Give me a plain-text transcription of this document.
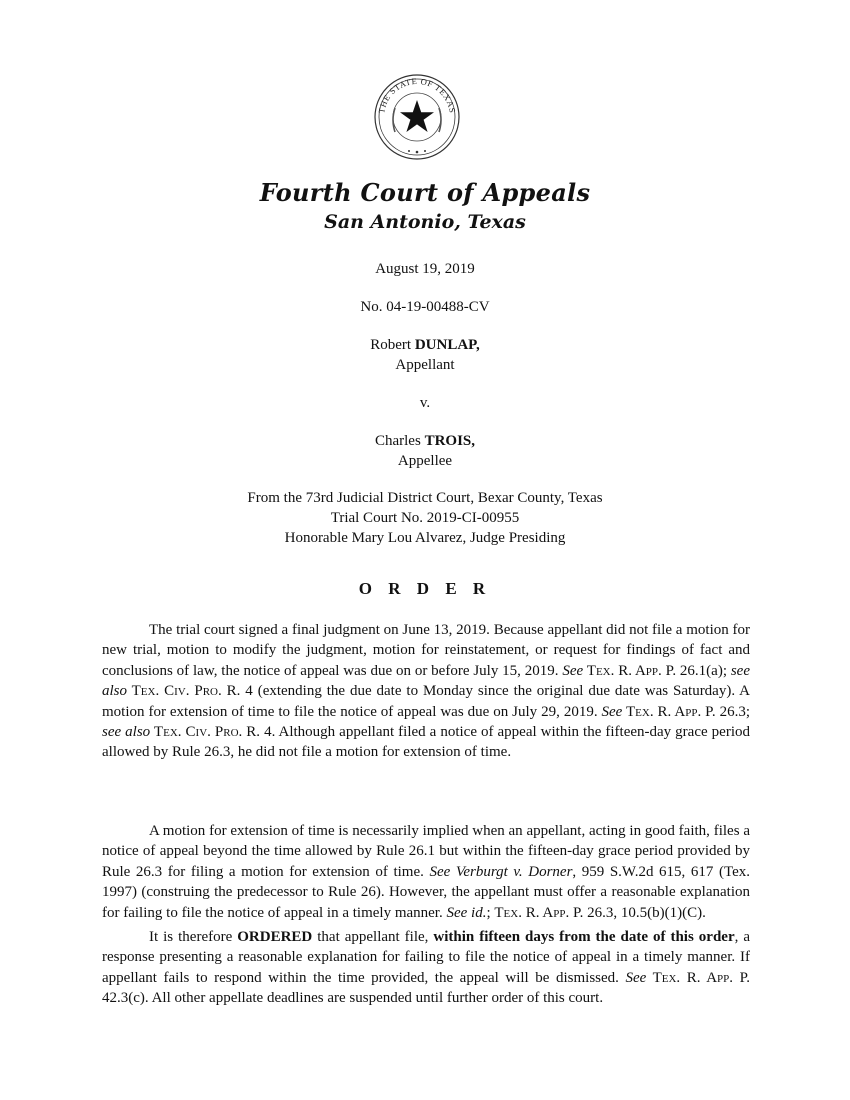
THE STATE OF TEXAS
Fourth Court of Appeals
San Antonio, Texas
August 19, 2019
No. 04-19-00488-CV
Robert DUNLAP,
Appellant
v.
Charles TROIS,
Appellee
From the 73rd Judicial District Court, Bexar County, Texas
Trial Court No. 2019-CI-00955
Honorable Mary Lou Alvarez, Judge Presiding
O R D E R

The trial court signed a final judgment on June 13, 2019. Because appellant did not file a motion for new trial, motion to modify the judgment, motion for reinstatement, or request for findings of fact and conclusions of law, the notice of appeal was due on or before July 15, 2019. See Tex. R. App. P. 26.1(a); see also Tex. Civ. Pro. R. 4 (extending the due date to Monday since the original due date was Saturday). A motion for extension of time to file the notice of appeal was due on July 29, 2019. See Tex. R. App. P. 26.3; see also Tex. Civ. Pro. R. 4. Although appellant filed a notice of appeal within the fifteen-day grace period allowed by Rule 26.3, he did not file a motion for extension of time.

A motion for extension of time is necessarily implied when an appellant, acting in good faith, files a notice of appeal beyond the time allowed by Rule 26.1 but within the fifteen-day grace period provided by Rule 26.3 for filing a motion for extension of time. See Verburgt v. Dorner, 959 S.W.2d 615, 617 (Tex. 1997) (construing the predecessor to Rule 26). However, the appellant must offer a reasonable explanation for failing to file the notice of appeal in a timely manner. See id.; Tex. R. App. P. 26.3, 10.5(b)(1)(C).

It is therefore ORDERED that appellant file, within fifteen days from the date of this order, a response presenting a reasonable explanation for failing to file the notice of appeal in a timely manner. If appellant fails to respond within the time provided, the appeal will be dismissed. See Tex. R. App. P. 42.3(c). All other appellate deadlines are suspended until further order of this court.
